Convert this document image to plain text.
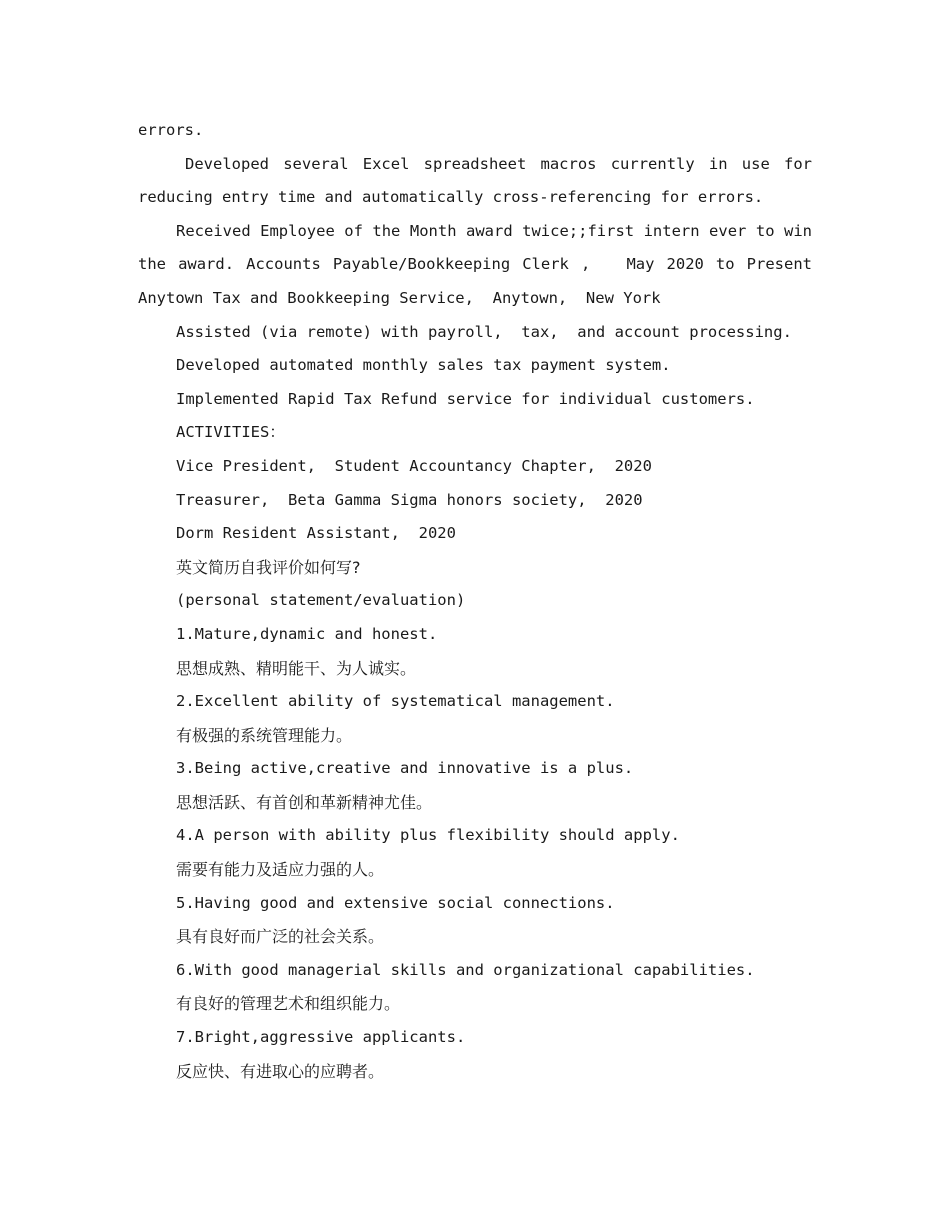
errors.

Developed several Excel spreadsheet macros currently in use for reducing entry time and automatically cross-referencing for errors.

Received Employee of the Month award twice;;first intern ever to win the award. Accounts Payable/Bookkeeping Clerk ,   May 2020 to Present Anytown Tax and Bookkeeping Service,  Anytown,  New York

Assisted (via remote) with payroll,  tax,  and account processing.
Developed automated monthly sales tax payment system.
Implemented Rapid Tax Refund service for individual customers.
ACTIVITIES：
Vice President,  Student Accountancy Chapter,  2020
Treasurer,  Beta Gamma Sigma honors society,  2020
Dorm Resident Assistant,  2020
英文简历自我评价如何写?
(personal statement/evaluation)
1.Mature,dynamic and honest.
思想成熟、精明能干、为人诚实。
2.Excellent ability of systematical management.
有极强的系统管理能力。
3.Being active,creative and innovative is a plus.
思想活跃、有首创和革新精神尤佳。
4.A person with ability plus flexibility should apply.
需要有能力及适应力强的人。
5.Having good and extensive social connections.
具有良好而广泛的社会关系。
6.With good managerial skills and organizational capabilities.
有良好的管理艺术和组织能力。
7.Bright,aggressive applicants.
反应快、有进取心的应聘者。
